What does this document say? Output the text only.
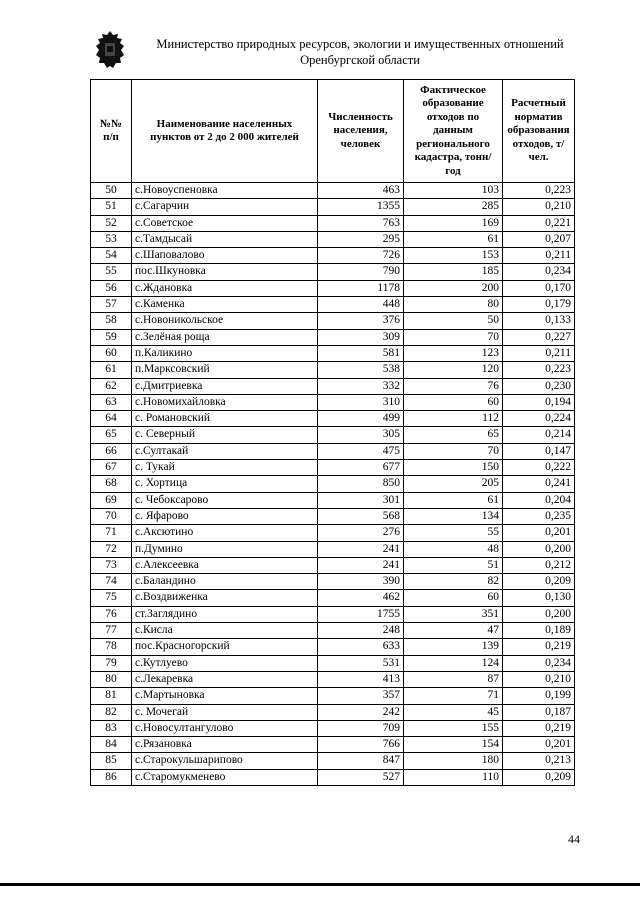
Министерство природных ресурсов, экологии и имущественных отношений
Оренбургской области
№№ п/п	Наименование населенных пунктов от 2 до 2 000 жителей	Численность населения, человек	Фактическое образование отходов по данным регионального кадастра, тонн/год	Расчетный норматив образования отходов, т/чел.
50	с.Новоуспеновка	463	103	0,223
51	с.Сагарчин	1355	285	0,210
52	с.Советское	763	169	0,221
53	с.Тамдысай	295	61	0,207
54	с.Шаповалово	726	153	0,211
55	пос.Шкуновка	790	185	0,234
56	с.Ждановка	1178	200	0,170
57	с.Каменка	448	80	0,179
58	с.Новоникольское	376	50	0,133
59	с.Зелёная роща	309	70	0,227
60	п.Каликино	581	123	0,211
61	п.Марксовский	538	120	0,223
62	с.Дмитриевка	332	76	0,230
63	с.Новомихайловка	310	60	0,194
64	с. Романовский	499	112	0,224
65	с. Северный	305	65	0,214
66	с.Султакай	475	70	0,147
67	с. Тукай	677	150	0,222
68	с. Хортица	850	205	0,241
69	с. Чебоксарово	301	61	0,204
70	с. Яфарово	568	134	0,235
71	с.Аксютино	276	55	0,201
72	п.Думино	241	48	0,200
73	с.Алексеевка	241	51	0,212
74	с.Баландино	390	82	0,209
75	с.Воздвиженка	462	60	0,130
76	ст.Заглядино	1755	351	0,200
77	с.Кисла	248	47	0,189
78	пос.Красногорский	633	139	0,219
79	с.Кутлуево	531	124	0,234
80	с.Лекаревка	413	87	0,210
81	с.Мартыновка	357	71	0,199
82	с. Мочегай	242	45	0,187
83	с.Новосултангулово	709	155	0,219
84	с.Рязановка	766	154	0,201
85	с.Старокульшарипово	847	180	0,213
86	с.Старомукменево	527	110	0,209
44
